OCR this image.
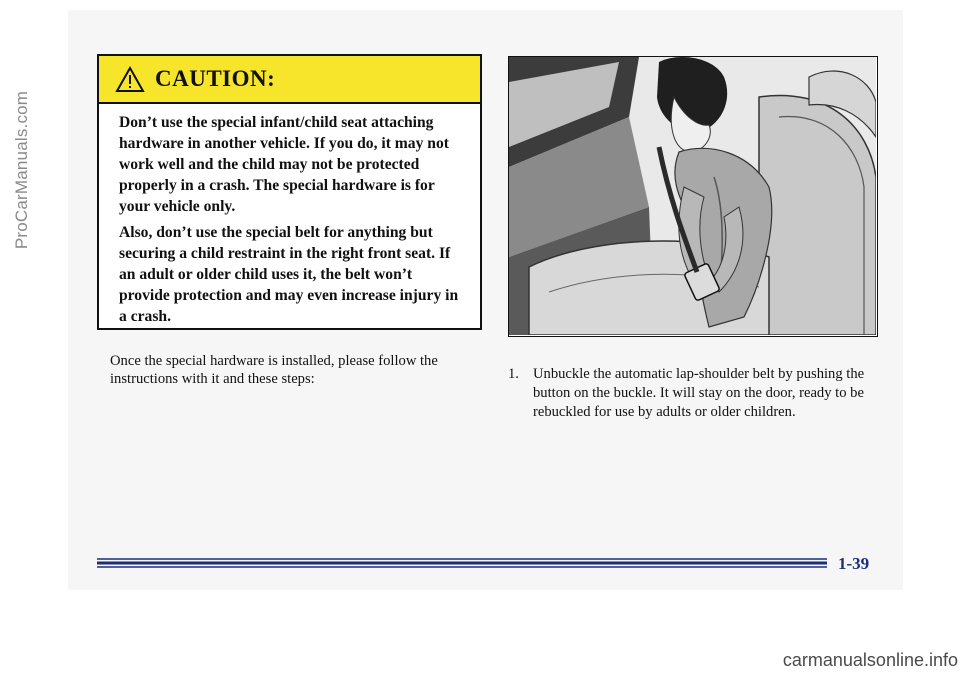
ProCarManuals.com
CAUTION:

Don’t use the special infant/child seat attaching hardware in another vehicle. If you do, it may not work well and the child may not be protected properly in a crash. The special hardware is for your vehicle only.

Also, don’t use the special belt for anything but securing a child restraint in the right front seat. If an adult or older child uses it, the belt won’t provide protection and may even increase injury in a crash.

Once the special hardware is installed, please follow the instructions with it and these steps:	1. Unbuckle the automatic lap-shoulder belt by pushing the button on the buckle. It will stay on the door, ready to be rebuckled for use by adults or older children.
1-39
carmanualsonline.info
